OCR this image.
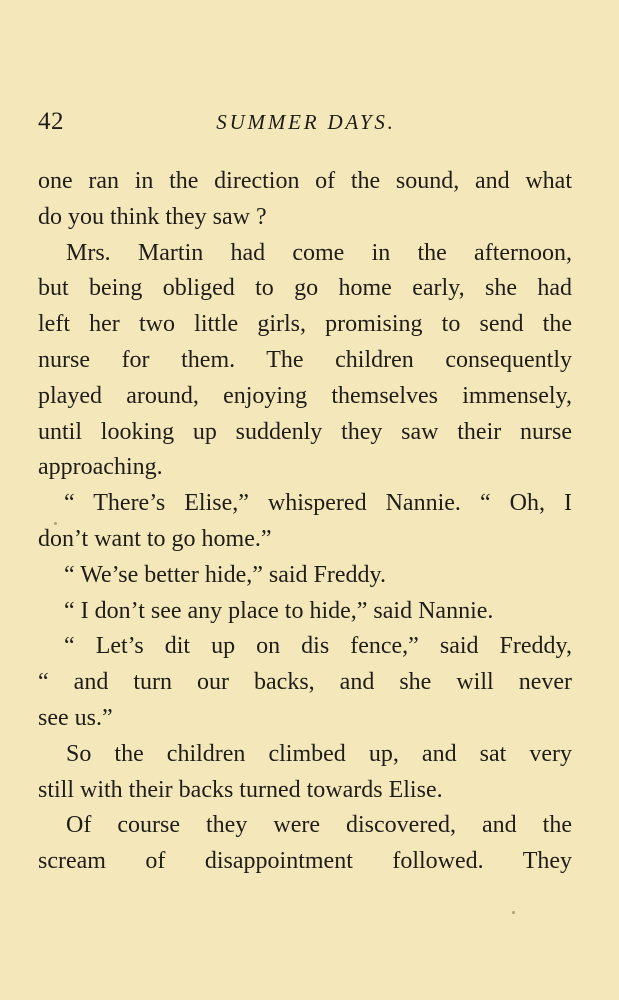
42	SUMMER DAYS.
one ran in the direction of the sound, and what
do you think they saw ?
Mrs. Martin had come in the afternoon,
but being obliged to go home early, she had
left her two little girls, promising to send the
nurse for them. The children consequently
played around, enjoying themselves immensely,
until looking up suddenly they saw their nurse
approaching.
“ There’s Elise,” whispered Nannie. “ Oh, I
don’t want to go home.”
“ We’se better hide,” said Freddy.
“ I don’t see any place to hide,” said Nannie.
“ Let’s dit up on dis fence,” said Freddy,
“ and turn our backs, and she will never
see us.”
So the children climbed up, and sat very
still with their backs turned towards Elise.
Of course they were discovered, and the
scream of disappointment followed. They
